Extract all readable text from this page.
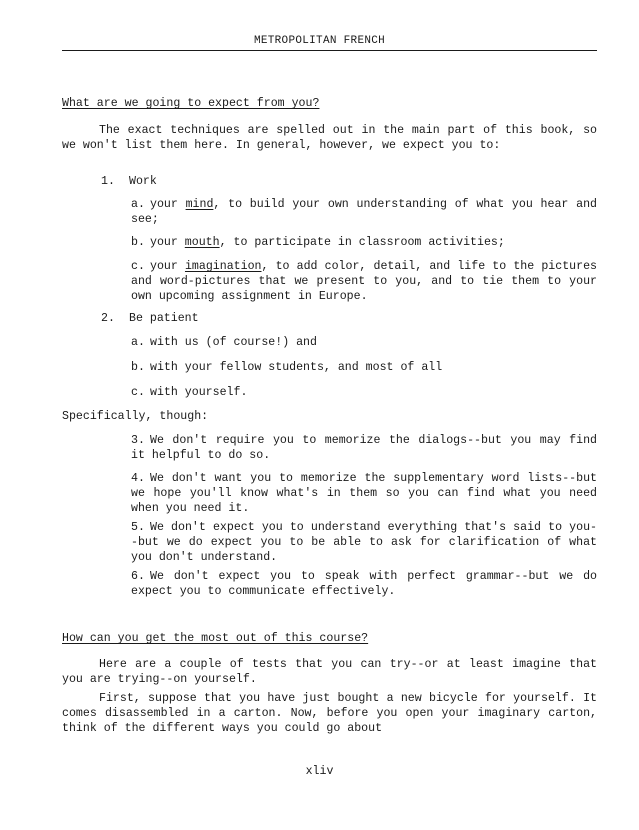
METROPOLITAN FRENCH
What are we going to expect from you?
The exact techniques are spelled out in the main part of this book, so we won't list them here. In general, however, we expect you to:
1. Work
a. your mind, to build your own understanding of what you hear and see;
b. your mouth, to participate in classroom activities;
c. your imagination, to add color, detail, and life to the pictures and word-pictures that we present to you, and to tie them to your own upcoming assignment in Europe.
2. Be patient
a. with us (of course!) and
b. with your fellow students, and most of all
c. with yourself.
Specifically, though:
3. We don't require you to memorize the dialogs--but you may find it helpful to do so.
4. We don't want you to memorize the supplementary word lists--but we hope you'll know what's in them so you can find what you need when you need it.
5. We don't expect you to understand everything that's said to you--but we do expect you to be able to ask for clarification of what you don't understand.
6. We don't expect you to speak with perfect grammar--but we do expect you to communicate effectively.
How can you get the most out of this course?
Here are a couple of tests that you can try--or at least imagine that you are trying--on yourself.
First, suppose that you have just bought a new bicycle for yourself. It comes disassembled in a carton. Now, before you open your imaginary carton, think of the different ways you could go about
xliv
